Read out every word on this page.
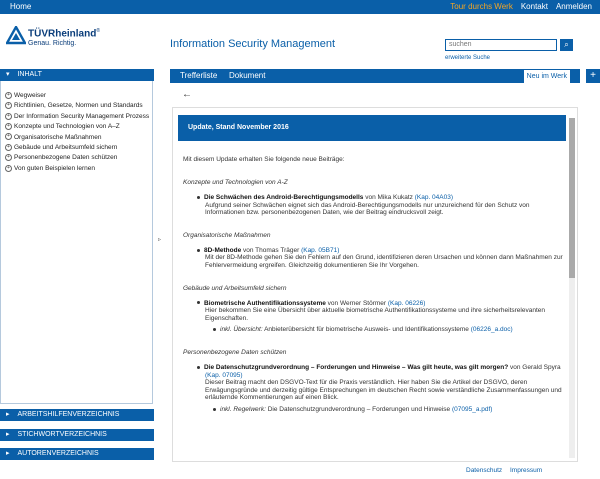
Home	Tour durchs Werk Kontakt Anmelden
TÜVRheinland®
Genau. Richtig.	Information Security Management	suchen	⌕
erweiterte Suche
▾ INHALT
+ Wegweiser
+ Richtlinien, Gesetze, Normen und Standards
+ Der Information Security Management Prozess
+ Konzepte und Technologien von A–Z
+ Organisatorische Maßnahmen
+ Gebäude und Arbeitsumfeld sichern
+ Personenbezogene Daten schützen
+ Von guten Beispielen lernen
▸ ARBEITSHILFENVERZEICHNIS
▸ STICHWORTVERZEICHNIS
▸ AUTORENVERZEICHNIS
▹
Trefferliste Dokument	Neu im Werk	+
←
Update, Stand November 2016

Mit diesem Update erhalten Sie folgende neue Beiträge:

Konzepte und Technologien von A-Z

Die Schwächen des Android-Berechtigungsmodells von Mika Kukatz (Kap. 04A03)
Aufgrund seiner Schwächen eignet sich das Android-Berechtigungsmodells nur unzureichend für den Schutz von Informationen bzw. personenbezogenen Daten, wie der Beitrag eindrucksvoll zeigt.

Organisatorische Maßnahmen

8D-Methode von Thomas Träger (Kap. 05B71)
Mit der 8D-Methode gehen Sie den Fehlern auf den Grund, identifizieren deren Ursachen und können dann Maßnahmen zur Fehlervermeidung ergreifen. Gleichzeitig dokumentieren Sie Ihr Vorgehen.

Gebäude und Arbeitsumfeld sichern

Biometrische Authentifikationssysteme von Werner Störmer (Kap. 06226)
Hier bekommen Sie eine Übersicht über aktuelle biometrische Authentifikationssysteme und ihre sicherheitsrelevanten Eigenschaften.
inkl. Übersicht: Anbieterübersicht für biometrische Ausweis- und Identifikationssysteme (06226_a.doc)

Personenbezogene Daten schützen

Die Datenschutzgrundverordnung – Forderungen und Hinweise – Was gilt heute, was gilt morgen? von Gerald Spyra (Kap. 07095)
Dieser Beitrag macht den DSGVO-Text für die Praxis verständlich. Hier haben Sie die Artikel der DSGVO, deren Erwägungsgründe und derzeitig gültige Entsprechungen im deutschen Recht sowie verständliche Zusammenfassungen und erläuternde Kommentierungen auf einen Blick.
inkl. Regelwerk: Die Datenschutzgrundverordnung – Forderungen und Hinweise (07095_a.pdf)
Datenschutz Impressum
